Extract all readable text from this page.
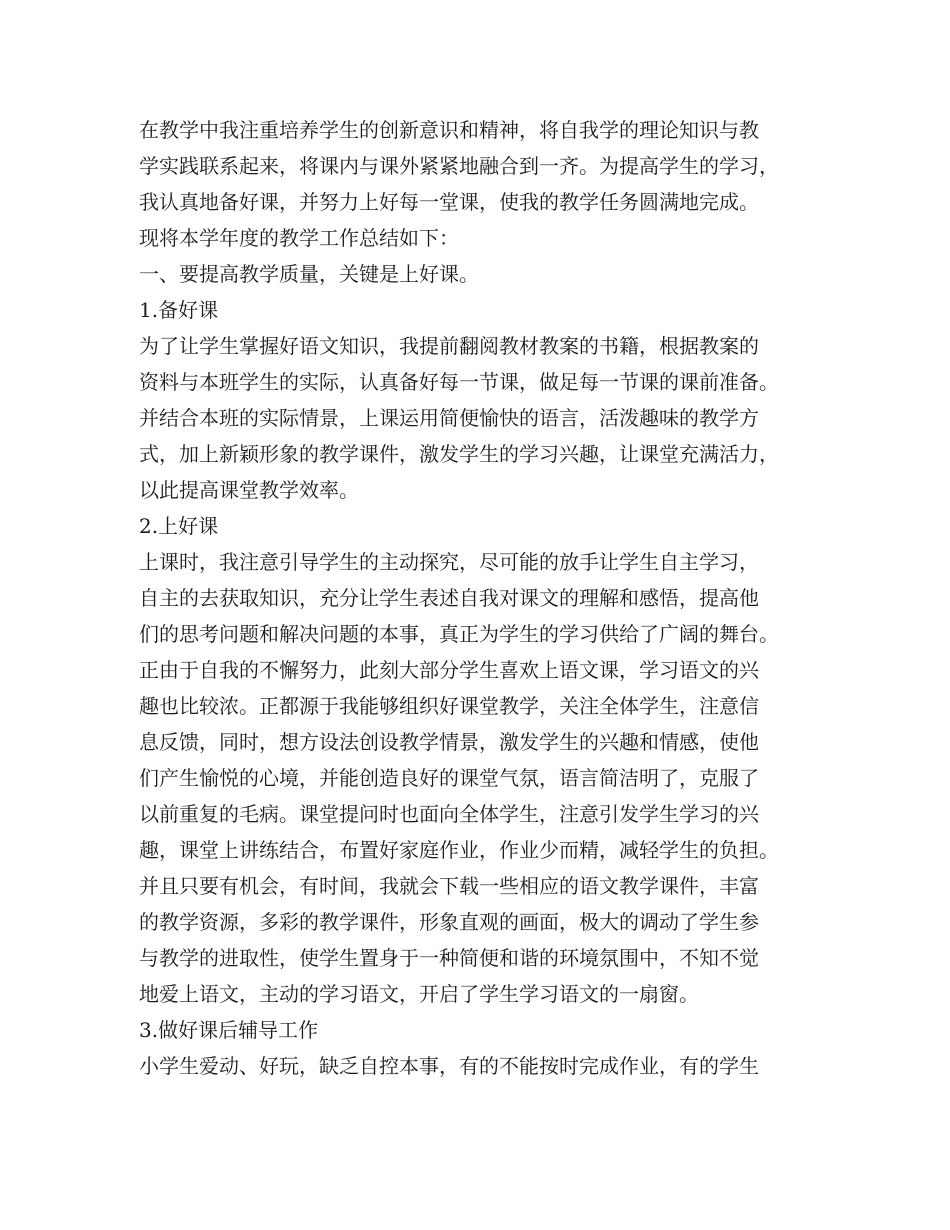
在教学中我注重培养学生的创新意识和精神，将自我学的理论知识与教
学实践联系起来，将课内与课外紧紧地融合到一齐。为提高学生的学习，
我认真地备好课，并努力上好每一堂课，使我的教学任务圆满地完成。
现将本学年度的教学工作总结如下：
一、要提高教学质量，关键是上好课。
1.备好课
为了让学生掌握好语文知识，我提前翻阅教材教案的书籍，根据教案的
资料与本班学生的实际，认真备好每一节课，做足每一节课的课前准备。
并结合本班的实际情景，上课运用简便愉快的语言，活泼趣味的教学方
式，加上新颖形象的教学课件，激发学生的学习兴趣，让课堂充满活力，
以此提高课堂教学效率。
2.上好课
上课时，我注意引导学生的主动探究，尽可能的放手让学生自主学习，
自主的去获取知识，充分让学生表述自我对课文的理解和感悟，提高他
们的思考问题和解决问题的本事，真正为学生的学习供给了广阔的舞台。
正由于自我的不懈努力，此刻大部分学生喜欢上语文课，学习语文的兴
趣也比较浓。正都源于我能够组织好课堂教学，关注全体学生，注意信
息反馈，同时，想方设法创设教学情景，激发学生的兴趣和情感，使他
们产生愉悦的心境，并能创造良好的课堂气氛，语言简洁明了，克服了
以前重复的毛病。课堂提问时也面向全体学生，注意引发学生学习的兴
趣，课堂上讲练结合，布置好家庭作业，作业少而精，减轻学生的负担。
并且只要有机会，有时间，我就会下载一些相应的语文教学课件，丰富
的教学资源，多彩的教学课件，形象直观的画面，极大的调动了学生参
与教学的进取性，使学生置身于一种简便和谐的环境氛围中，不知不觉
地爱上语文，主动的学习语文，开启了学生学习语文的一扇窗。
3.做好课后辅导工作
小学生爱动、好玩，缺乏自控本事，有的不能按时完成作业，有的学生
